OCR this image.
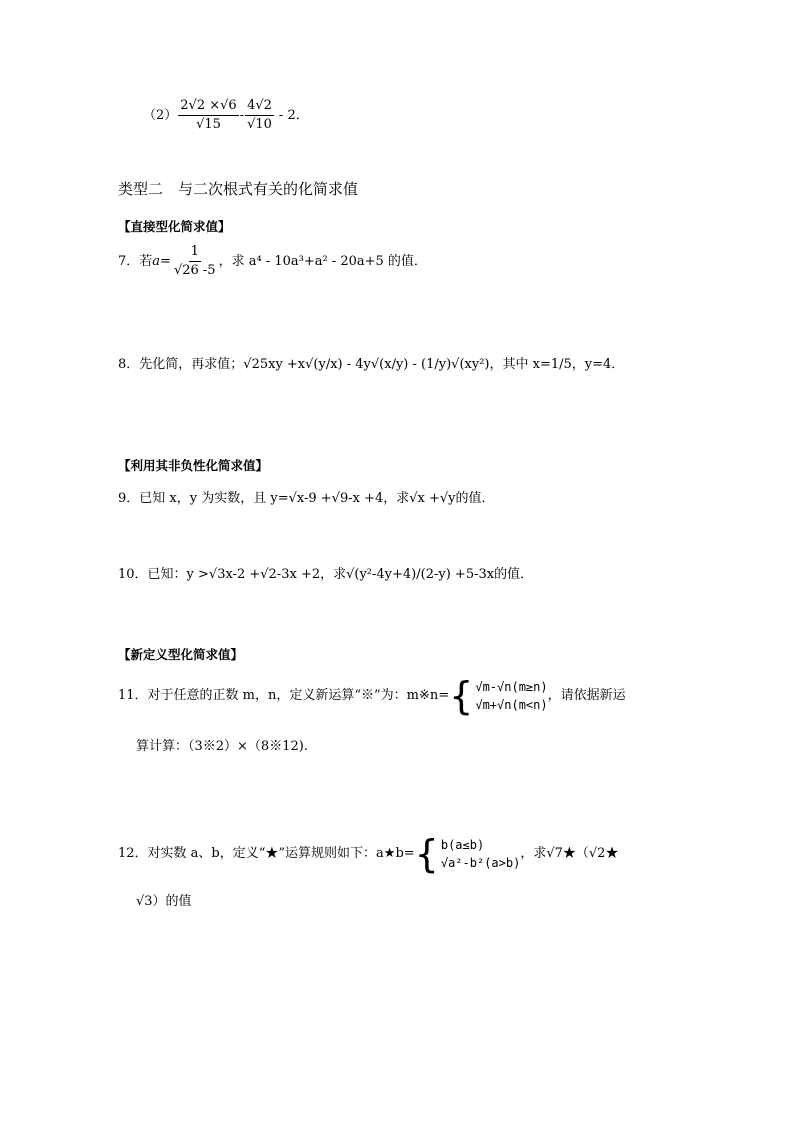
$(2) \frac{2√2 \times√6}{√15} - \frac{4√2}{√10} - 2$．
类型二　与二次根式有关的化简求值
【直接型化简求值】
7．若 $a = \frac{1}{√26 -5}$ ，求 a⁴ - 10a³+a² - 20a+5 的值．
8．先化简，再求值； √25xy +x√(y/x) - 4y√(x/y) - (1/y)√(xy²) ，其中 x=1/5，y=4．
【利用其非负性化简求值】
9．已知 x，y 为实数，且 y=√x-9 +√9-x +4，求√x +√y的值．
10．已知：y >√3x-2 +√2-3x +2，求√(y²-4y+4)/(2-y) +5-3x的值．
【新定义型化简求值】
11．对于任意的正数 m，n，定义新运算“※”为：m※n= { √m-√n(m≥n)
√m+√n(m<n)
，请依据新运
算计算：（3※2）×（8※12).
12．对实数 a、b，定义“★”运算规则如下：a★b= { b(a≤b)
√a²-b²(a>b)
，求√7★（√2★
√3）的值
